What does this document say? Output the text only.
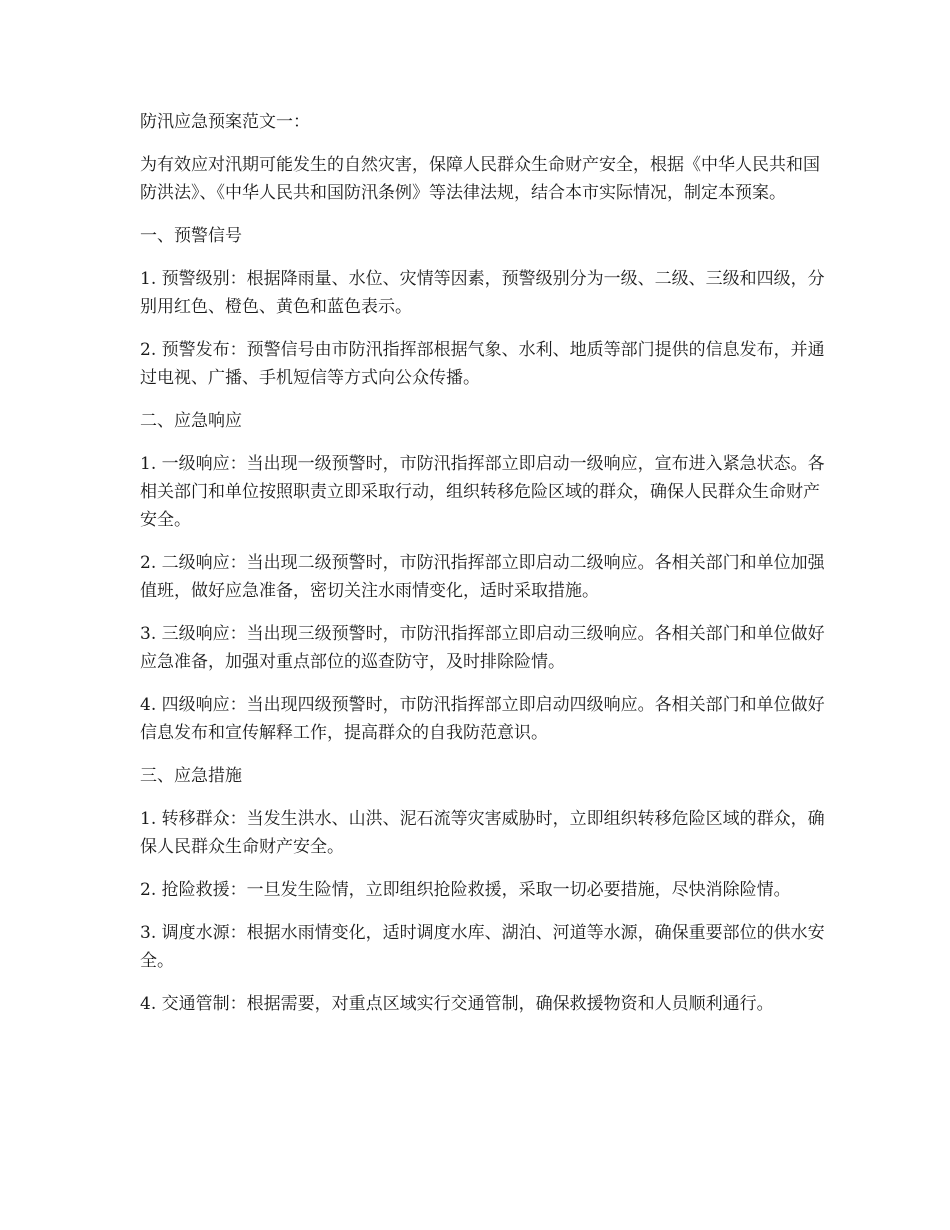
防汛应急预案范文一：

为有效应对汛期可能发生的自然灾害，保障人民群众生命财产安全，根据《中华人民共和国防洪法》、《中华人民共和国防汛条例》等法律法规，结合本市实际情况，制定本预案。

一、预警信号

1. 预警级别：根据降雨量、水位、灾情等因素，预警级别分为一级、二级、三级和四级，分别用红色、橙色、黄色和蓝色表示。

2. 预警发布：预警信号由市防汛指挥部根据气象、水利、地质等部门提供的信息发布，并通过电视、广播、手机短信等方式向公众传播。

二、应急响应

1. 一级响应：当出现一级预警时，市防汛指挥部立即启动一级响应，宣布进入紧急状态。各相关部门和单位按照职责立即采取行动，组织转移危险区域的群众，确保人民群众生命财产安全。

2. 二级响应：当出现二级预警时，市防汛指挥部立即启动二级响应。各相关部门和单位加强值班，做好应急准备，密切关注水雨情变化，适时采取措施。

3. 三级响应：当出现三级预警时，市防汛指挥部立即启动三级响应。各相关部门和单位做好应急准备，加强对重点部位的巡查防守，及时排除险情。

4. 四级响应：当出现四级预警时，市防汛指挥部立即启动四级响应。各相关部门和单位做好信息发布和宣传解释工作，提高群众的自我防范意识。

三、应急措施

1. 转移群众：当发生洪水、山洪、泥石流等灾害威胁时，立即组织转移危险区域的群众，确保人民群众生命财产安全。

2. 抢险救援：一旦发生险情，立即组织抢险救援，采取一切必要措施，尽快消除险情。

3. 调度水源：根据水雨情变化，适时调度水库、湖泊、河道等水源，确保重要部位的供水安全。

4. 交通管制：根据需要，对重点区域实行交通管制，确保救援物资和人员顺利通行。
